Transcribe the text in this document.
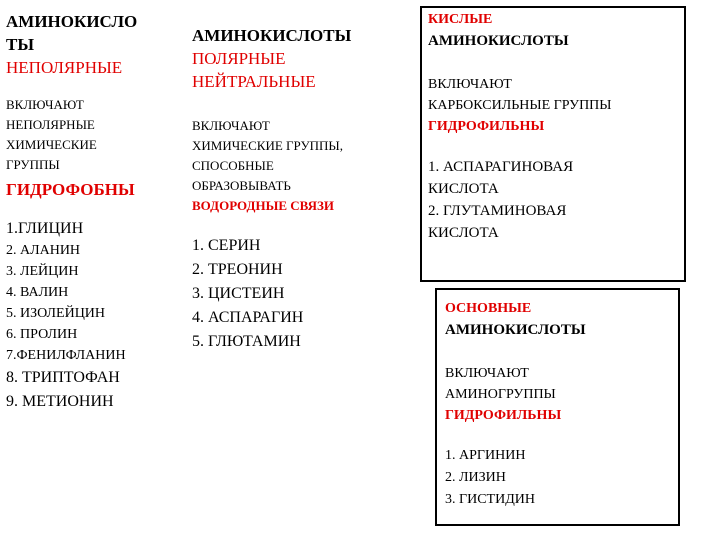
АМИНОКИСЛО
ТЫ
НЕПОЛЯРНЫЕ
ВКЛЮЧАЮТ
НЕПОЛЯРНЫЕ
ХИМИЧЕСКИЕ
ГРУППЫ
ГИДРОФОБНЫ
1.ГЛИЦИН
2. АЛАНИН
3. ЛЕЙЦИН
4. ВАЛИН
5. ИЗОЛЕЙЦИН
6. ПРОЛИН
7.ФЕНИЛФЛАНИН
8. ТРИПТОФАН
9. МЕТИОНИН
АМИНОКИСЛОТЫ
ПОЛЯРНЫЕ
НЕЙТРАЛЬНЫЕ
ВКЛЮЧАЮТ
ХИМИЧЕСКИЕ ГРУППЫ,
СПОСОБНЫЕ
ОБРАЗОВЫВАТЬ
ВОДОРОДНЫЕ СВЯЗИ
1. СЕРИН
2. ТРЕОНИН
3. ЦИСТЕИН
4. АСПАРАГИН
5. ГЛЮТАМИН
КИСЛЫЕ
АМИНОКИСЛОТЫ
ВКЛЮЧАЮТ
КАРБОКСИЛЬНЫЕ ГРУППЫ
ГИДРОФИЛЬНЫ
1. АСПАРАГИНОВАЯ
КИСЛОТА
2. ГЛУТАМИНОВАЯ
КИСЛОТА
ОСНОВНЫЕ
АМИНОКИСЛОТЫ
ВКЛЮЧАЮТ
АМИНОГРУППЫ
ГИДРОФИЛЬНЫ
1. АРГИНИН
2. ЛИЗИН
3. ГИСТИДИН
